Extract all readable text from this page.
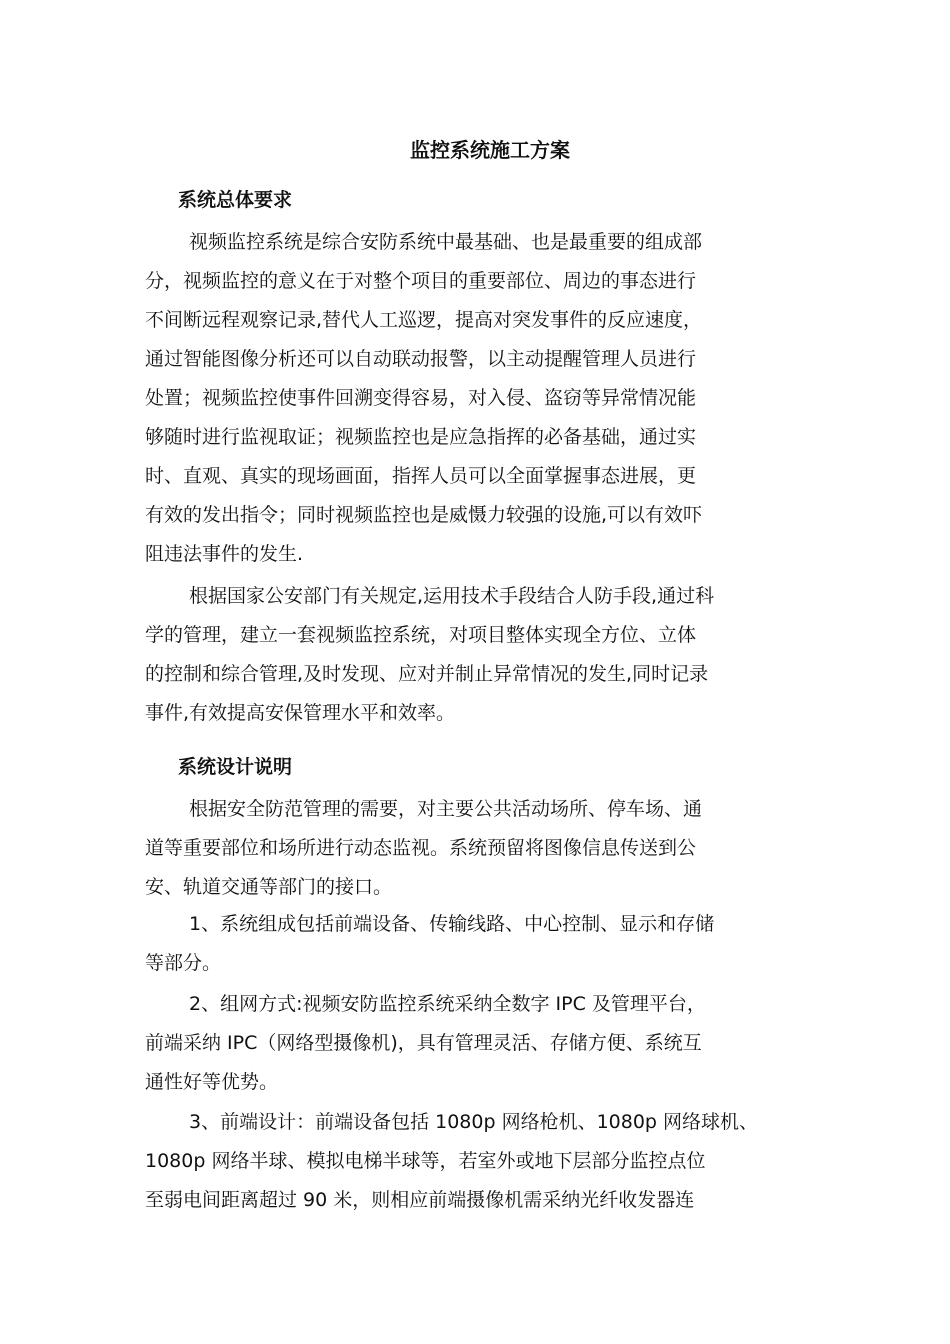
监控系统施工方案
系统总体要求
视频监控系统是综合安防系统中最基础、也是最重要的组成部
分，视频监控的意义在于对整个项目的重要部位、周边的事态进行
不间断远程观察记录,替代人工巡逻，提高对突发事件的反应速度，
通过智能图像分析还可以自动联动报警，以主动提醒管理人员进行
处置；视频监控使事件回溯变得容易，对入侵、盗窃等异常情况能
够随时进行监视取证；视频监控也是应急指挥的必备基础，通过实
时、直观、真实的现场画面，指挥人员可以全面掌握事态进展，更
有效的发出指令；同时视频监控也是威慑力较强的设施,可以有效吓
阻违法事件的发生.
根据国家公安部门有关规定,运用技术手段结合人防手段,通过科
学的管理，建立一套视频监控系统，对项目整体实现全方位、立体
的控制和综合管理,及时发现、应对并制止异常情况的发生,同时记录
事件,有效提高安保管理水平和效率。
系统设计说明
根据安全防范管理的需要，对主要公共活动场所、停车场、通
道等重要部位和场所进行动态监视。系统预留将图像信息传送到公
安、轨道交通等部门的接口。
1、系统组成包括前端设备、传输线路、中心控制、显示和存储
等部分。
2、组网方式:视频安防监控系统采纳全数字 IPC 及管理平台，
前端采纳 IPC（网络型摄像机)，具有管理灵活、存储方便、系统互
通性好等优势。
3、前端设计：前端设备包括 1080p 网络枪机、1080p 网络球机、
1080p 网络半球、模拟电梯半球等，若室外或地下层部分监控点位
至弱电间距离超过 90 米，则相应前端摄像机需采纳光纤收发器连
